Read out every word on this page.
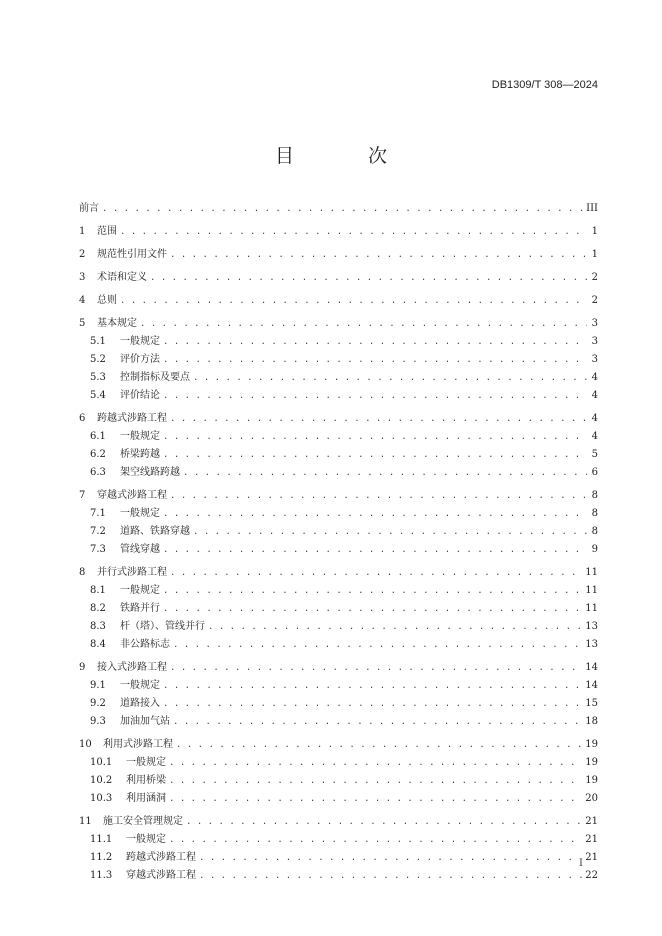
DB1309/T 308—2024
目 次
前言 . . .	III
1	范围 . . .	1
2	规范性引用文件 . . .	1
3	术语和定义 . . .	2
4	总则 . . .	2
5	基本规定 . . .	3
5.1	一般规定 . . .	3
5.2	评价方法 . . .	3
5.3	控制指标及要点 . . .	4
5.4	评价结论 . . .	4
6	跨越式涉路工程 . . .	4
6.1	一般规定 . . .	4
6.2	桥梁跨越 . . .	5
6.3	架空线路跨越 . . .	6
7	穿越式涉路工程 . . .	8
7.1	一般规定 . . .	8
7.2	道路、铁路穿越 . . .	8
7.3	管线穿越 . . .	9
8	并行式涉路工程 . . .	11
8.1	一般规定 . . .	11
8.2	铁路并行 . . .	11
8.3	杆（塔）、管线并行 . . .	13
8.4	非公路标志 . . .	13
9	接入式涉路工程 . . .	14
9.1	一般规定 . . .	14
9.2	道路接入 . . .	15
9.3	加油加气站 . . .	18
10	利用式涉路工程 . . .	19
10.1	一般规定 . . .	19
10.2	利用桥梁 . . .	19
10.3	利用涵洞 . . .	20
11	施工安全管理规定 . . .	21
11.1	一般规定 . . .	21
11.2	跨越式涉路工程 . . .	21
11.3	穿越式涉路工程 . . .	22
I
